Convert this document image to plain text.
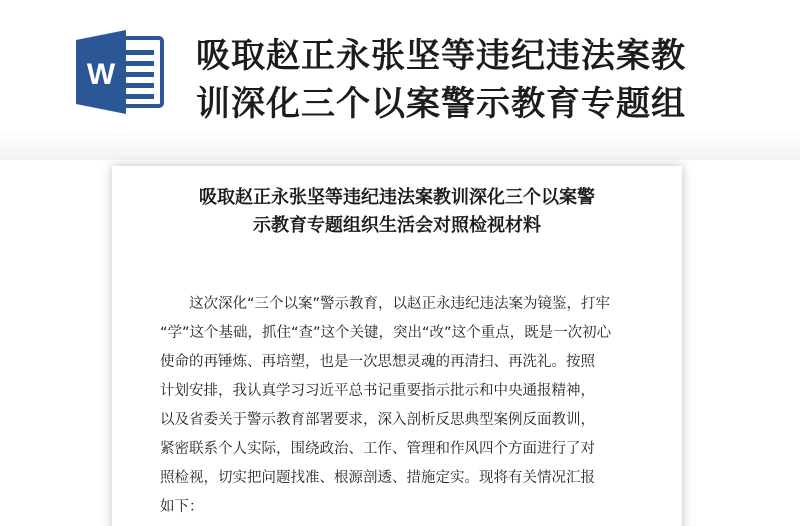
W 吸取赵正永张坚等违纪违法案教
训深化三个以案警示教育专题组
吸取赵正永张坚等违纪违法案教训深化三个以案警
示教育专题组织生活会对照检视材料
这次深化“三个以案”警示教育，以赵正永违纪违法案为镜鉴，打牢
“学”这个基础，抓住“查”这个关键，突出“改”这个重点，既是一次初心
使命的再锤炼、再培塑，也是一次思想灵魂的再清扫、再洗礼。按照
计划安排，我认真学习习近平总书记重要指示批示和中央通报精神，
以及省委关于警示教育部署要求，深入剖析反思典型案例反面教训，
紧密联系个人实际，围绕政治、工作、管理和作风四个方面进行了对
照检视，切实把问题找准、根源剖透、措施定实。现将有关情况汇报
如下：
